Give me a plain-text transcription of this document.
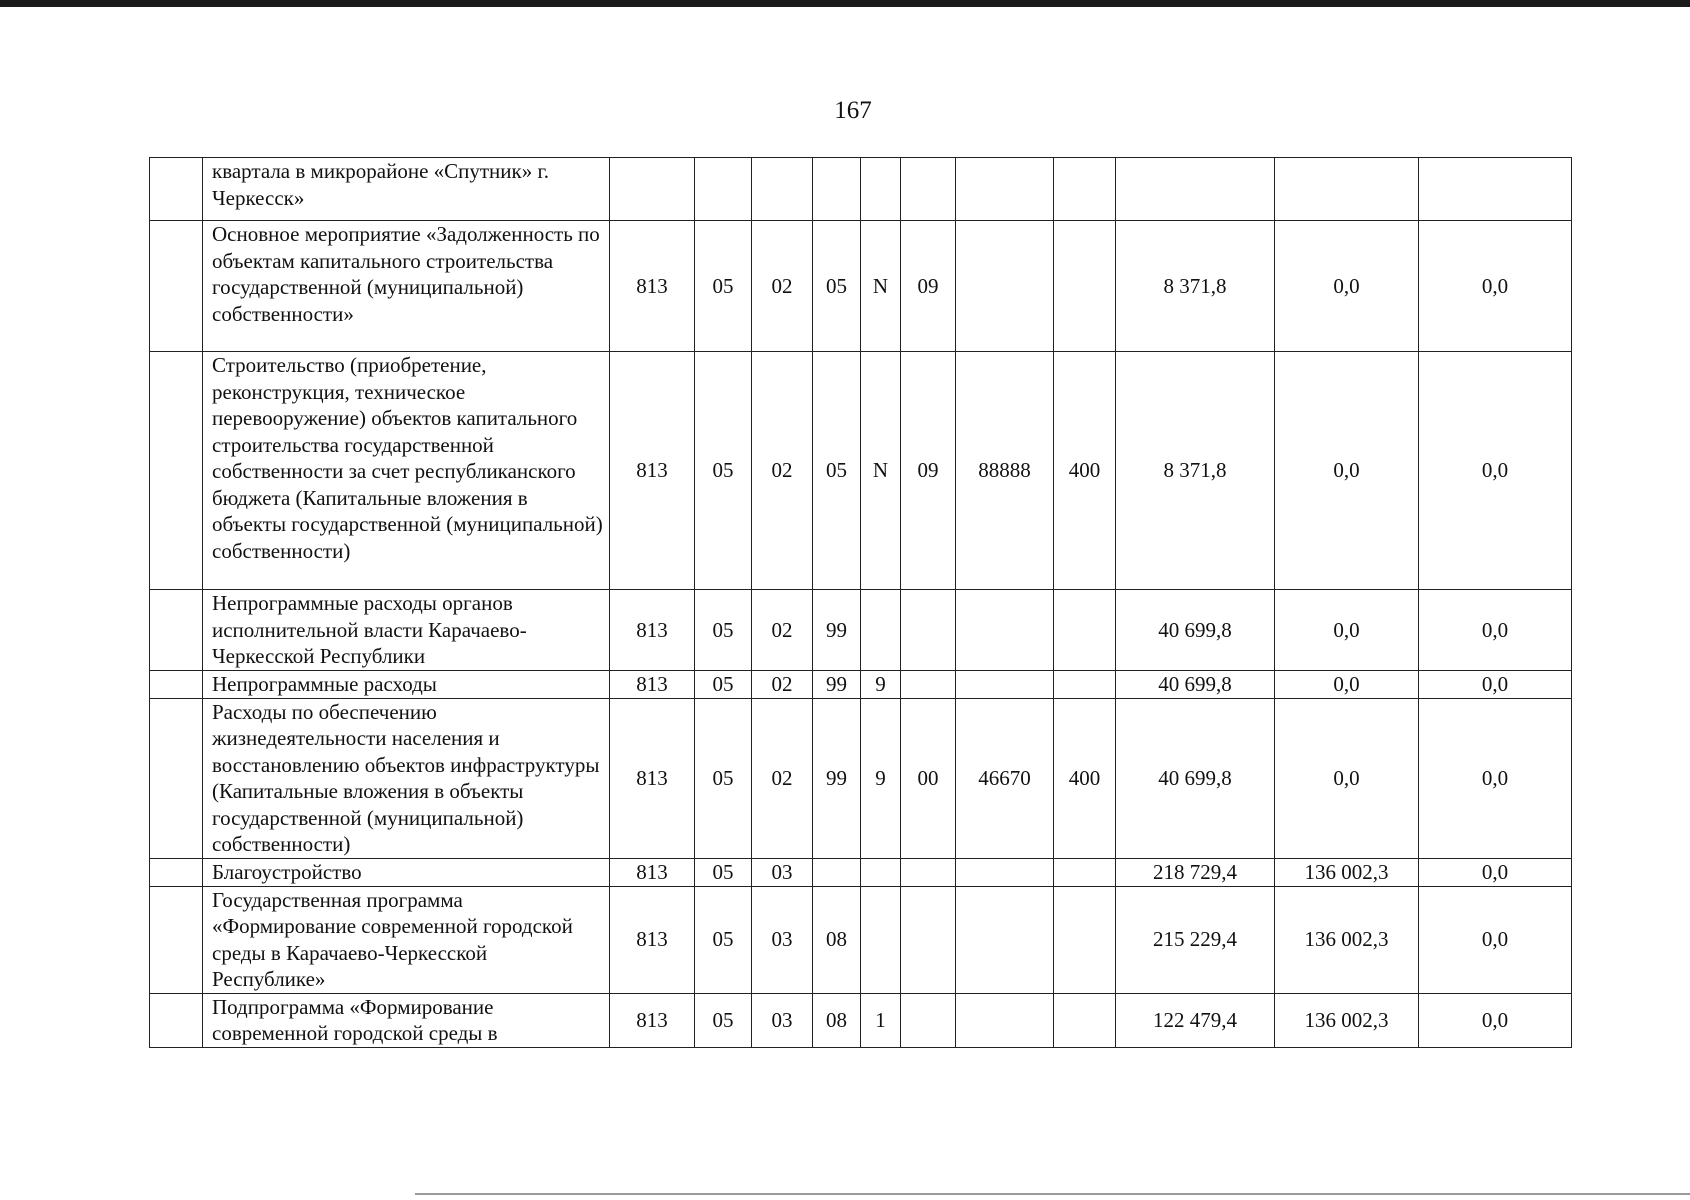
167
	квартала в микрорайоне «Спутник» г. Черкесск»											
	Основное мероприятие «Задолженность по объектам капитального строительства государственной (муниципальной) собственности»	813	05	02	05	N	09			8 371,8	0,0	0,0
	Строительство (приобретение, реконструкция, техническое перевооружение) объектов капитального строительства государственной собственности за счет республиканского бюджета (Капитальные вложения в объекты государственной (муниципальной) собственности)	813	05	02	05	N	09	88888	400	8 371,8	0,0	0,0
	Непрограммные расходы органов исполнительной власти Карачаево-Черкесской Республики	813	05	02	99					40 699,8	0,0	0,0
	Непрограммные расходы	813	05	02	99	9				40 699,8	0,0	0,0
	Расходы по обеспечению жизнедеятельности населения и восстановлению объектов инфраструктуры (Капитальные вложения в объекты государственной (муниципальной) собственности)	813	05	02	99	9	00	46670	400	40 699,8	0,0	0,0
	Благоустройство	813	05	03						218 729,4	136 002,3	0,0
	Государственная программа «Формирование современной городской среды в Карачаево-Черкесской Республике»	813	05	03	08					215 229,4	136 002,3	0,0
	Подпрограмма «Формирование современной городской среды в	813	05	03	08	1				122 479,4	136 002,3	0,0
